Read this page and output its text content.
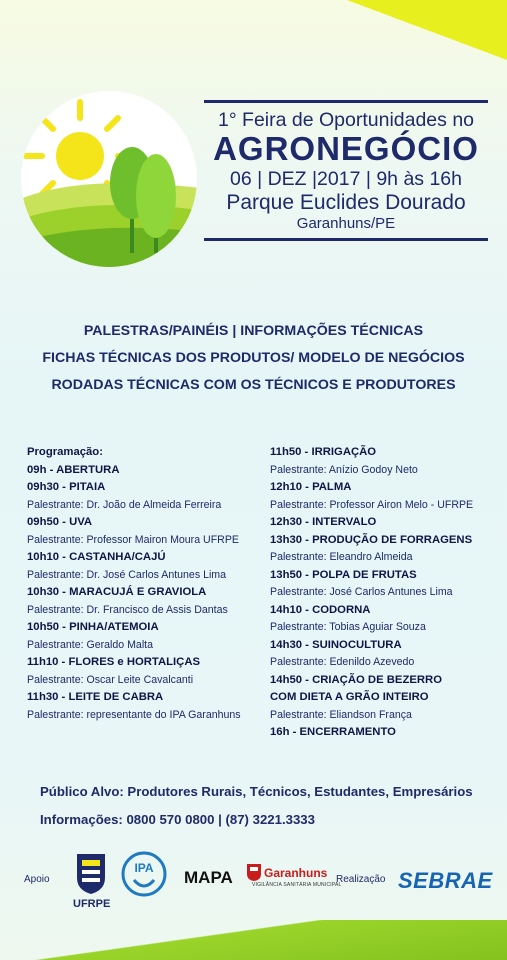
1° Feira de Oportunidades no
AGRONEGÓCIO
06 | DEZ |2017 | 9h às 16h
Parque Euclides Dourado
Garanhuns/PE
PALESTRAS/PAINÉIS | INFORMAÇÕES TÉCNICAS
FICHAS TÉCNICAS DOS PRODUTOS/ MODELO DE NEGÓCIOS
RODADAS TÉCNICAS COM OS TÉCNICOS E PRODUTORES
Programação:
09h - ABERTURA
09h30 - PITAIA
Palestrante: Dr. João de Almeida Ferreira
09h50 - UVA
Palestrante: Professor Mairon Moura UFRPE
10h10 - CASTANHA/CAJÚ
Palestrante: Dr. José Carlos Antunes Lima
10h30 - MARACUJÁ E GRAVIOLA
Palestrante: Dr. Francisco de Assis Dantas
10h50 - PINHA/ATEMOIA
Palestrante: Geraldo Malta
11h10 - FLORES e HORTALIÇAS
Palestrante: Oscar Leite Cavalcanti
11h30 - LEITE DE CABRA
Palestrante: representante do IPA Garanhuns
11h50 - IRRIGAÇÃO
Palestrante: Anízio Godoy Neto
12h10 - PALMA
Palestrante: Professor Airon Melo - UFRPE
12h30 - INTERVALO
13h30 - PRODUÇÃO DE FORRAGENS
Palestrante: Eleandro Almeida
13h50 - POLPA DE FRUTAS
Palestrante: José Carlos Antunes Lima
14h10 - CODORNA
Palestrante: Tobias Aguiar Souza
14h30 - SUINOCULTURA
Palestrante: Edenildo Azevedo
14h50 - CRIAÇÃO DE BEZERRO
COM DIETA A GRÃO INTEIRO
Palestrante: Eliandson França
16h - ENCERRAMENTO
Público Alvo: Produtores Rurais, Técnicos, Estudantes, Empresários
Informações: 0800 570 0800 | (87) 3221.3333
Apoio
UFRPE
IPA MAPA	Garanhuns
VIGILÂNCIA SANITÁRIA MUNICIPAL
Realização SEBRAE
